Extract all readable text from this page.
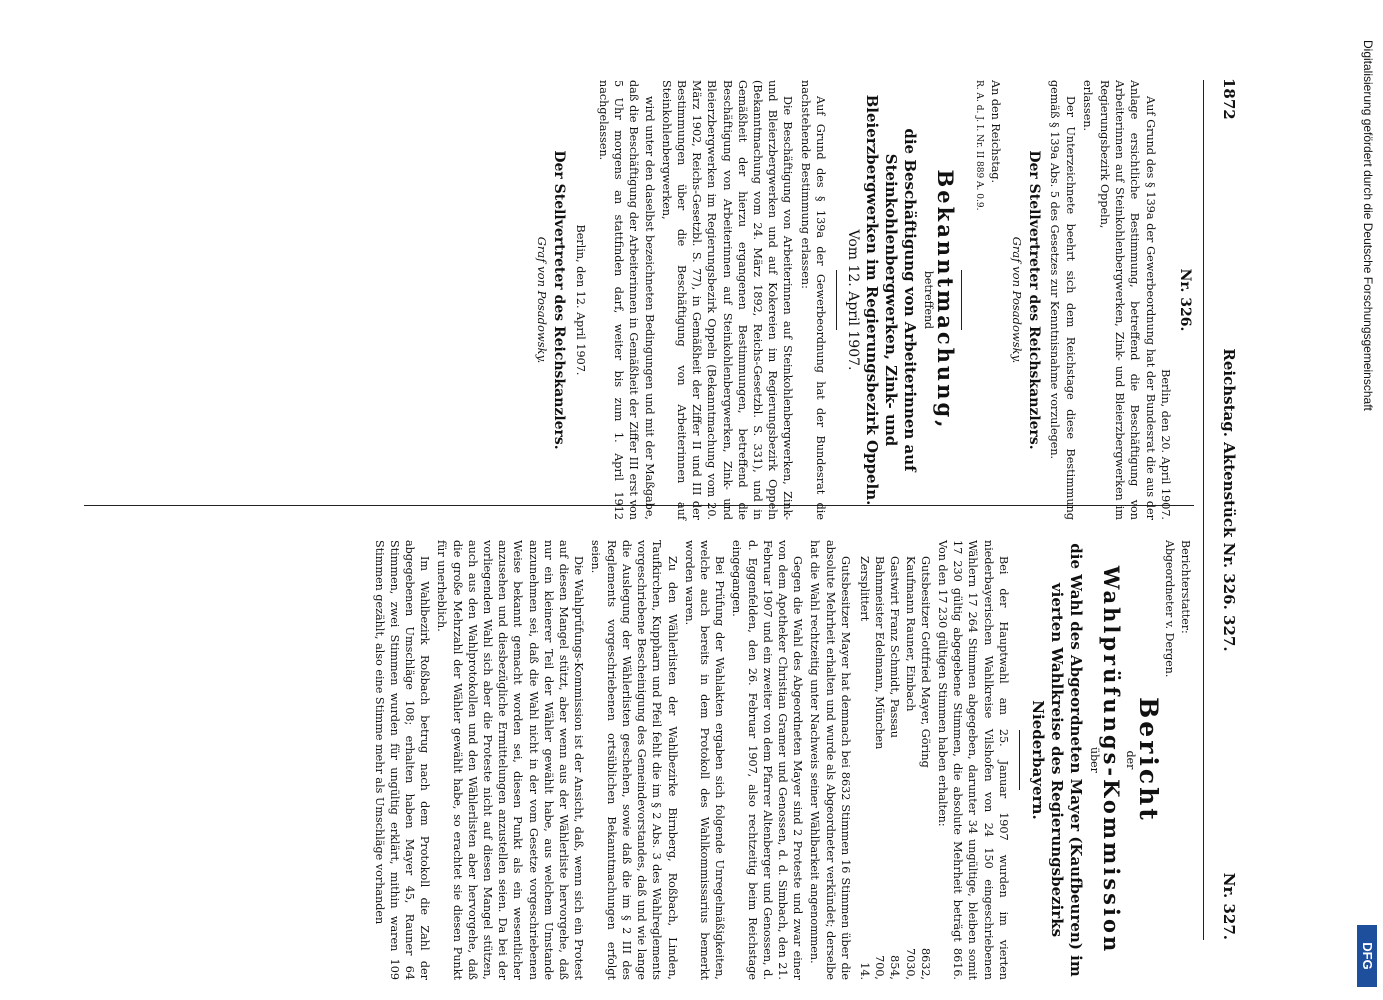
1872
Reichstag. Aktenstück Nr. 326. 327.
Nr. 327.
Nr. 326.
Berlin, den 20. April 1907.

Auf Grund des § 139a der Gewerbeordnung hat der Bundesrat die aus der Anlage ersichtliche Bestimmung, betreffend die Beschäftigung von Arbeiterinnen auf Steinkohlenbergwerken, Zink- und Bleierzbergwerken im Regierungsbezirk Oppeln,

erlassen.

Der Unterzeichnete beehrt sich dem Reichstage diese Bestimmung gemäß § 139a Abs. 5 des Gesetzes zur Kenntnisnahme vorzulegen.

Der Stellvertreter des Reichskanzlers.
Graf von Posadowsky.

An den Reichstag.

R. A. d. J. I. Nr. II 889 A. 0.9.

Bekanntmachung,
betreffend
die Beschäftigung von Arbeiterinnen auf Steinkohlenbergwerken, Zink- und Bleierzbergwerken im Regierungsbezirk Oppeln.
Vom 12. April 1907.

Auf Grund des § 139a der Gewerbeordnung hat der Bundesrat die nachstehende Bestimmung erlassen:

Die Beschäftigung von Arbeiterinnen auf Steinkohlenbergwerken, Zink- und Bleierzbergwerken und auf Kokereien im Regierungsbezirk Oppeln (Bekanntmachung vom 24. März 1892, Reichs-Gesetzbl. S. 331), und in Gemäßheit der hierzu ergangenen Bestimmungen, betreffend die Beschäftigung von Arbeiterinnen auf Steinkohlenbergwerken, Zink- und Bleierzbergwerken im Regierungsbezirk Oppeln (Bekanntmachung vom 20. März 1902, Reichs-Gesetzbl. S. 77), in Gemäßheit der Ziffer II und III der Bestimmungen über die Beschäftigung von Arbeiterinnen auf Steinkohlenbergwerken,

wird unter den daselbst bezeichneten Bedingungen und mit der Maßgabe, daß die Beschäftigung der Arbeiterinnen in Gemäßheit der Ziffer III erst von 5 Uhr morgens an stattfinden darf, weiter bis zum 1. April 1912 nachgelassen.

Berlin, den 12. April 1907.
Der Stellvertreter des Reichskanzlers.
Graf von Posadowsky.
Berichterstatter:
Abgeordneter v. Dergen.
Bericht
der
Wahlprüfungs-Kommission
über
die Wahl des Abgeordneten Mayer (Kaufbeuren) im vierten Wahlkreise des Regierungsbezirks Niederbayern.

Bei der Hauptwahl am 25. Januar 1907 wurden im vierten niederbayerischen Wahlkreise Vilshofen von 24 150 eingeschriebenen Wählern 17 264 Stimmen abgegeben, darunter 34 ungültige, bleiben somit 17 230 gültig abgegebene Stimmen, die absolute Mehrheit beträgt 8616. Von den 17 230 gültigen Stimmen haben erhalten:

Gutsbesitzer Gottfried Mayer, Göring
8632,
Kaufmann Rauner, Einbach
7030,
Gastwirt Franz Schmidt, Passau
854,
Bahnmeister Edelmann, München
700,
Zersplittert
14.

Gutsbesitzer Mayer hat demnach bei 8632 Stimmen 16 Stimmen über die absolute Mehrheit erhalten und wurde als Abgeordneter verkündet; derselbe hat die Wahl rechtzeitig unter Nachweis seiner Wählbarkeit angenommen.

Gegen die Wahl des Abgeordneten Mayer sind 2 Proteste und zwar einer von dem Apotheker Christian Gramer und Genossen, d. d. Simbach, den 21. Februar 1907 und ein zweiter von dem Pfarrer Altenberger und Genossen, d. d. Eggenfelden, den 26. Februar 1907, also rechtzeitig beim Reichstage eingegangen.

Bei Prüfung der Wahlakten ergaben sich folgende Unregelmäßigkeiten, welche auch bereits in dem Protokoll des Wahlkommissarius bemerkt worden waren.

Zu den Wählerlisten der Wahlbezirke Birnberg, Roßbach, Linden, Taufkirchen, Kuppharn und Pfeil fehlt die im § 2 Abs. 3 des Wahlreglements vorgeschriebene Bescheinigung des Gemeindevorstandes, daß und wie lange die Auslegung der Wählerlisten geschehen, sowie daß die im § 2 III des Reglements vorgeschriebenen ortsüblichen Bekanntmachungen erfolgt seien.

Die Wahlprüfungs-Kommission ist der Ansicht, daß, wenn sich ein Protest auf diesen Mangel stützt, aber wenn aus der Wählerliste hervorgehe, daß nur ein kleinerer Teil der Wähler gewählt habe, aus welchem Umstande anzunehmen sei, daß die Wahl nicht in der vom Gesetze vorgeschriebenen Weise bekannt gemacht worden sei, diesen Punkt als ein wesentlicher anzusehen und diesbezügliche Ermittelungen anzustellen seien. Da bei der vorliegenden Wahl sich aber die Proteste nicht auf diesen Mangel stützen, auch aus den Wahlprotokollen und den Wählerlisten aber hervorgehe, daß die große Mehrzahl der Wähler gewählt habe, so erachtet sie diesen Punkt für unerheblich.

Im Wahlbezirk Roßbach betrug nach dem Protokoll die Zahl der abgegebenen Umschläge 108; erhalten haben Mayer 45, Rauner 64 Stimmen, zwei Stimmen wurden für ungültig erklärt, mithin waren 109 Stimmen gezählt, also eine Stimme mehr als Umschläge vorhanden

Digitalisierung gefördert durch die Deutsche Forschungsgemeinschaft
DFG
